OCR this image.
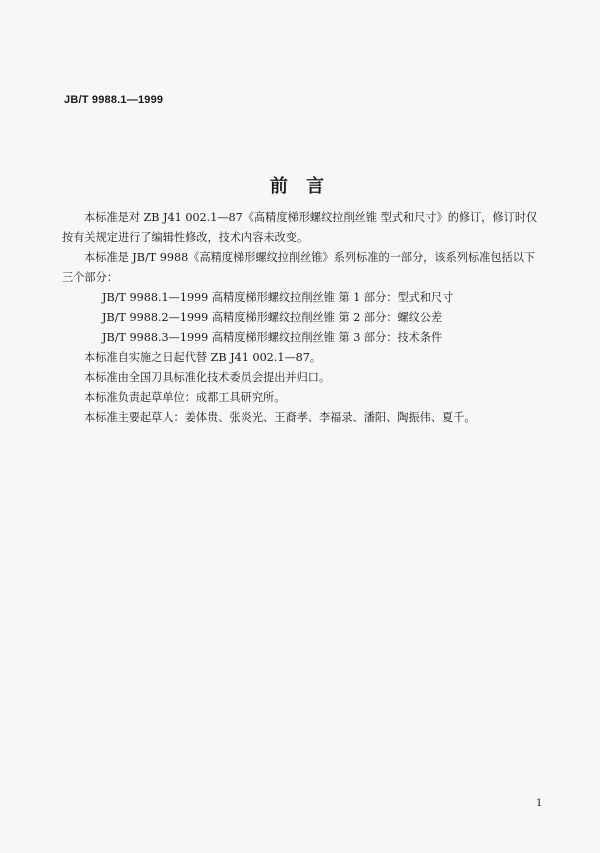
JB/T 9988.1—1999
前 言

本标准是对 ZB J41 002.1—87《高精度梯形螺纹拉削丝锥 型式和尺寸》的修订，修订时仅按有关规定进行了编辑性修改，技术内容未改变。

本标准是 JB/T 9988《高精度梯形螺纹拉削丝锥》系列标准的一部分，该系列标准包括以下三个部分：

JB/T 9988.1—1999 高精度梯形螺纹拉削丝锥 第 1 部分：型式和尺寸
JB/T 9988.2—1999 高精度梯形螺纹拉削丝锥 第 2 部分：螺纹公差
JB/T 9988.3—1999 高精度梯形螺纹拉削丝锥 第 3 部分：技术条件

本标准自实施之日起代替 ZB J41 002.1—87。

本标准由全国刀具标准化技术委员会提出并归口。

本标准负责起草单位：成都工具研究所。

本标准主要起草人：姜体贵、张炎光、王裔孝、李福录、潘阳、陶振伟、夏千。

1
